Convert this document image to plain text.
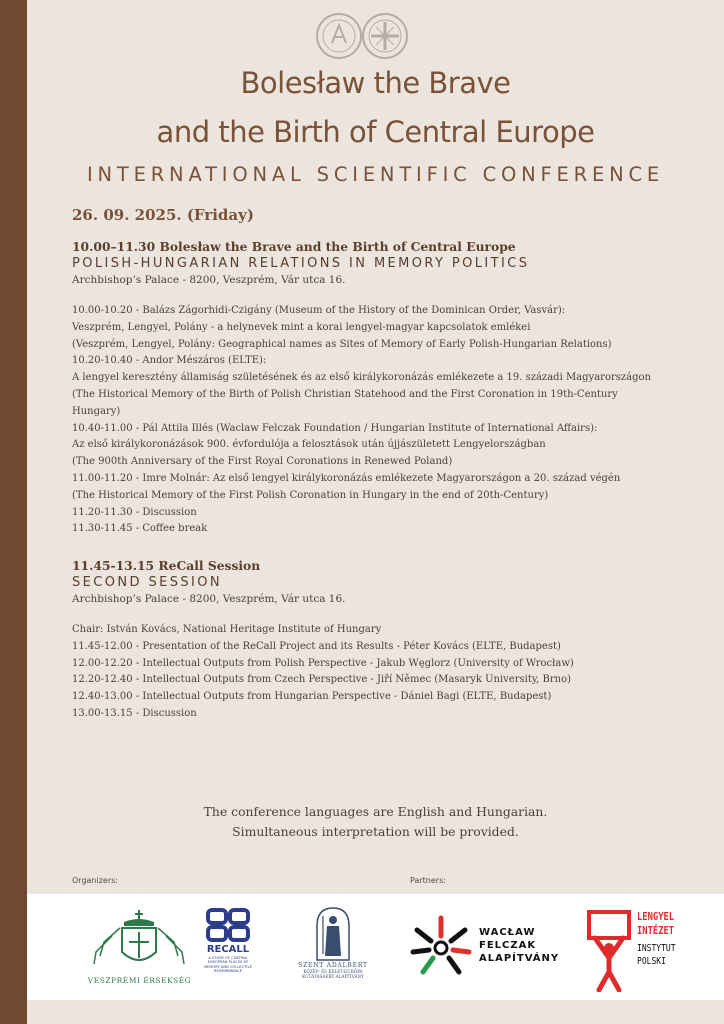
Bolesław the Brave
and the Birth of Central Europe
INTERNATIONAL SCIENTIFIC CONFERENCE
26. 09. 2025. (Friday)
10.00–11.30 Bolesław the Brave and the Birth of Central Europe
POLISH-HUNGARIAN RELATIONS IN MEMORY POLITICS
Archbishop’s Palace - 8200, Veszprém, Vár utca 16.
10.00-10.20 - Balázs Zágorhidi-Czigány (Museum of the History of the Dominican Order, Vasvár):
Veszprém, Lengyel, Polány - a helynevek mint a korai lengyel-magyar kapcsolatok emlékei
(Veszprém, Lengyel, Polány: Geographical names as Sites of Memory of Early Polish-Hungarian Relations)
10.20-10.40 - Andor Mészáros (ELTE):
A lengyel keresztény államiság születésének és az első királykoronázás emlékezete a 19. századi Magyarországon
(The Historical Memory of the Birth of Polish Christian Statehood and the First Coronation in 19th-Century Hungary)
10.40-11.00 - Pál Attila Illés (Waclaw Felczak Foundation / Hungarian Institute of International Affairs):
Az első királykoronázások 900. évfordulója a felosztások után újjászületett Lengyelországban
(The 900th Anniversary of the First Royal Coronations in Renewed Poland)
11.00-11.20 - Imre Molnár: Az első lengyel királykoronázás emlékezete Magyarországon a 20. század végén
(The Historical Memory of the First Polish Coronation in Hungary in the end of 20th-Century)
11.20-11.30 - Discussion
11.30-11.45 - Coffee break
11.45-13.15 ReCall Session
SECOND SESSION
Archbishop’s Palace - 8200, Veszprém, Vár utca 16.
Chair: István Kovács, National Heritage Institute of Hungary
11.45-12.00 - Presentation of the ReCall Project and its Results - Péter Kovács (ELTE, Budapest)
12.00-12.20 - Intellectual Outputs from Polish Perspective - Jakub Węglorz (University of Wrocław)
12.20-12.40 - Intellectual Outputs from Czech Perspective - Jiří Němec (Masaryk University, Brno)
12.40-13.00 - Intellectual Outputs from Hungarian Perspective - Dániel Bagi (ELTE, Budapest)
13.00-13.15 - Discussion
The conference languages are English and Hungarian.
Simultaneous interpretation will be provided.
Organizers:	Partners:
VESZPRÉMI ÉRSEKSÉG
RECALL
A STUDY OF CENTRAL EUROPEAN PLACES OF MEMORY AND COLLECTIVE REMEMBRANCE
SZENT ADALBERT
KÖZÉP- ÉS KELET-EURÓPA
KUTATÁSÁÉRT ALAPÍTVÁNY
WACŁAW
FELCZAK
ALAPÍTVÁNY
LENGYEL
INTÉZET
INSTYTUT
POLSKI
